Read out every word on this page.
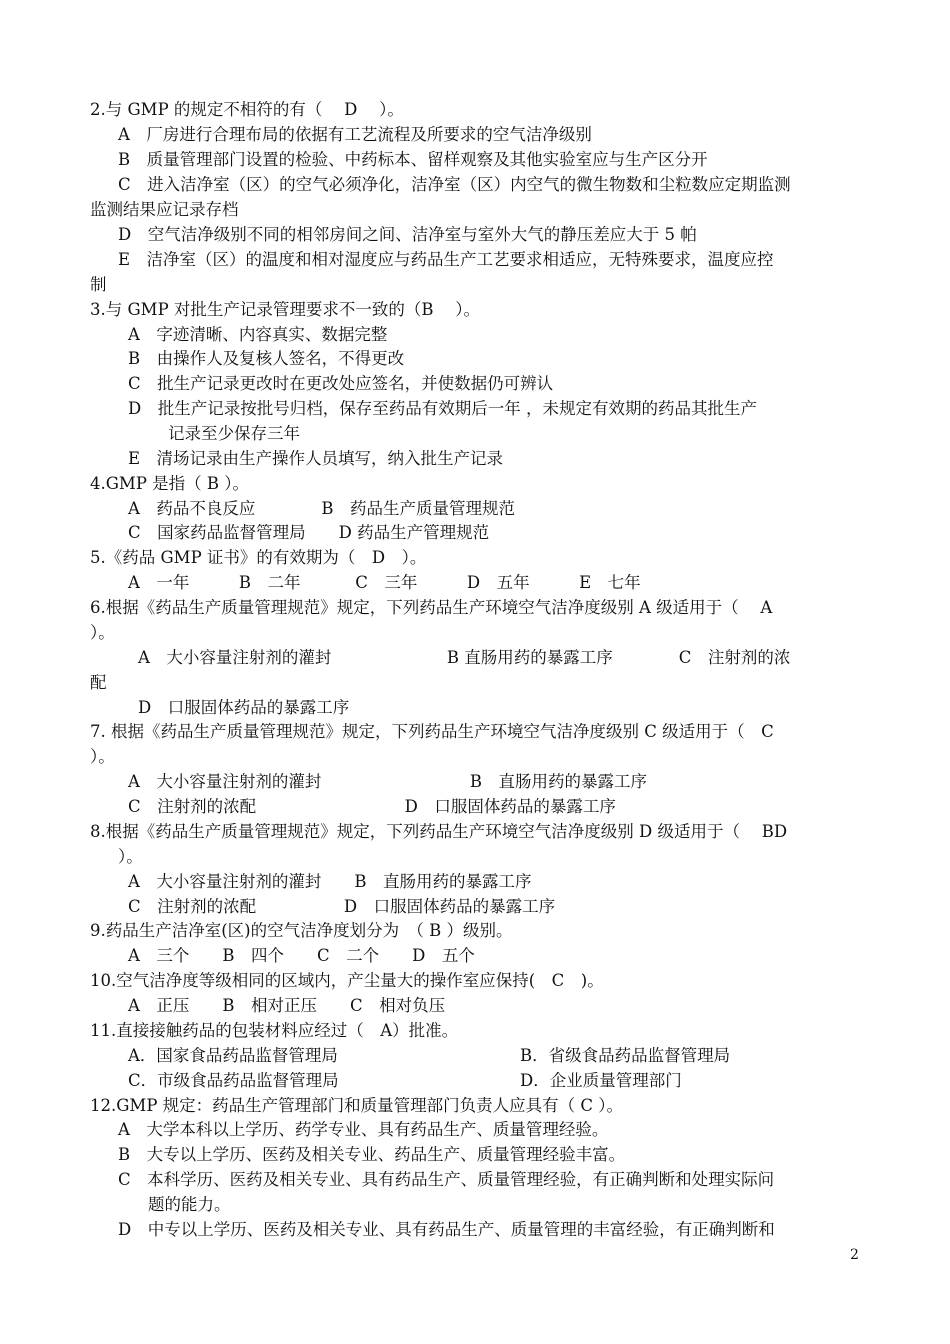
2.与 GMP 的规定不相符的有（　 D　 ）。
A　厂房进行合理布局的依据有工艺流程及所要求的空气洁净级别
B　质量管理部门设置的检验、中药标本、留样观察及其他实验室应与生产区分开
C　进入洁净室（区）的空气必须净化，洁净室（区）内空气的微生物数和尘粒数应定期监测
监测结果应记录存档
D　空气洁净级别不同的相邻房间之间、洁净室与室外大气的静压差应大于 5 帕
E　洁净室（区）的温度和相对湿度应与药品生产工艺要求相适应，无特殊要求，温度应控
制
3.与 GMP 对批生产记录管理要求不一致的（B　 ）。
A　字迹清晰、内容真实、数据完整
B　由操作人及复核人签名，不得更改
C　批生产记录更改时在更改处应签名，并使数据仍可辨认
D　批生产记录按批号归档，保存至药品有效期后一年 ，未规定有效期的药品其批生产
记录至少保存三年
E　清场记录由生产操作人员填写，纳入批生产记录
4.GMP 是指（ B ）。
A　药品不良反应　　　　B　药品生产质量管理规范
C　国家药品监督管理局　　D 药品生产管理规范
5.《药品 GMP 证书》的有效期为（　D　）。
A　一年　　　B　二年　　　 C　三年　　　D　五年　　　E　七年
6.根据《药品生产质量管理规范》规定，下列药品生产环境空气洁净度级别 A 级适用于（　 A
）。
A　大小容量注射剂的灌封　　　　　　　B 直肠用药的暴露工序　　　　C　注射剂的浓
配
D　口服固体药品的暴露工序
7. 根据《药品生产质量管理规范》规定，下列药品生产环境空气洁净度级别 C 级适用于（　C
）。
A　大小容量注射剂的灌封　　　　　　　　　B　直肠用药的暴露工序
C　注射剂的浓配　　　　　　　　　D　口服固体药品的暴露工序
8.根据《药品生产质量管理规范》规定，下列药品生产环境空气洁净度级别 D 级适用于（　 BD
）。
A　大小容量注射剂的灌封　　B　直肠用药的暴露工序
C　注射剂的浓配　　　　　 D　口服固体药品的暴露工序
9.药品生产洁净室(区)的空气洁净度划分为　（ B ）级别。
A　三个　　B　四个　　C　二个　　D　五个
10.空气洁净度等级相同的区域内，产尘量大的操作室应保持(　C　)。
A　正压　　B　相对正压　　C　相对负压
11.直接接触药品的包装材料应经过（　A）批准。
A．国家食品药品监督管理局	B．省级食品药品监督管理局
C．市级食品药品监督管理局	D．企业质量管理部门
12.GMP 规定：药品生产管理部门和质量管理部门负责人应具有（ C ）。
A　大学本科以上学历、药学专业、具有药品生产、质量管理经验。
B　大专以上学历、医药及相关专业、药品生产、质量管理经验丰富。
C　本科学历、医药及相关专业、具有药品生产、质量管理经验，有正确判断和处理实际问
题的能力。
D　中专以上学历、医药及相关专业、具有药品生产、质量管理的丰富经验，有正确判断和
2
